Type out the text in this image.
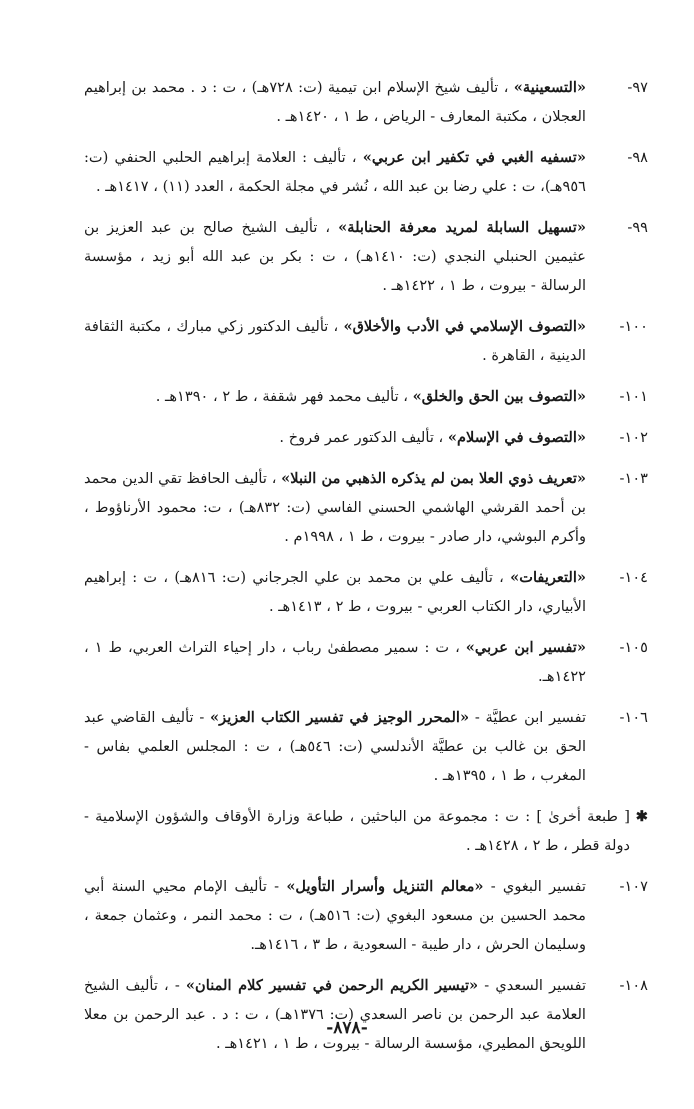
٩٧-
«التسعينية» ، تأليف شيخ الإسلام ابن تيمية (ت: ٧٢٨هـ) ، ت : د . محمد بن إبراهيم العجلان ، مكتبة المعارف - الرياض ، ط ١ ، ١٤٢٠هـ .
٩٨-
«تسفيه الغبي في تكفير ابن عربي» ، تأليف : العلامة إبراهيم الحلبي الحنفي (ت: ٩٥٦هـ)، ت : علي رضا بن عبد الله ، نُشر في مجلة الحكمة ، العدد (١١) ، ١٤١٧هـ .
٩٩-
«تسهيل السابلة لمريد معرفة الحنابلة» ، تأليف الشيخ صالح بن عبد العزيز بن عثيمين الحنبلي النجدي (ت: ١٤١٠هـ) ، ت : بكر بن عبد الله أبو زيد ، مؤسسة الرسالة - بيروت ، ط ١ ، ١٤٢٢هـ .
١٠٠-
«التصوف الإسلامي في الأدب والأخلاق» ، تأليف الدكتور زكي مبارك ، مكتبة الثقافة الدينية ، القاهرة .
١٠١-
«التصوف بين الحق والخلق» ، تأليف محمد فهر شقفة ، ط ٢ ، ١٣٩٠هـ .
١٠٢-
«التصوف في الإسلام» ، تأليف الدكتور عمر فروخ .
١٠٣-
«تعريف ذوي العلا بمن لم يذكره الذهبي من النبلا» ، تأليف الحافظ تقي الدين محمد بن أحمد القرشي الهاشمي الحسني الفاسي (ت: ٨٣٢هـ) ، ت: محمود الأرناؤوط ، وأكرم البوشي، دار صادر - بيروت ، ط ١ ، ١٩٩٨م .
١٠٤-
«التعريفات» ، تأليف علي بن محمد بن علي الجرجاني (ت: ٨١٦هـ) ، ت : إبراهيم الأبياري، دار الكتاب العربي - بيروت ، ط ٢ ، ١٤١٣هـ .
١٠٥-
«تفسير ابن عربي» ، ت : سمير مصطفىٰ رباب ، دار إحياء التراث العربي، ط ١ ، ١٤٢٢هـ.
١٠٦-
تفسير ابن عطيَّة - «المحرر الوجيز في تفسير الكتاب العزيز» - تأليف القاضي عبد الحق بن غالب بن عطيَّة الأندلسي (ت: ٥٤٦هـ) ، ت : المجلس العلمي بفاس - المغرب ، ط ١ ، ١٣٩٥هـ .
✱
[ طبعة أخرىٰ ] : ت : مجموعة من الباحثين ، طباعة وزارة الأوقاف والشؤون الإسلامية - دولة قطر ، ط ٢ ، ١٤٢٨هـ .
١٠٧-
تفسير البغوي - «معالم التنزيل وأسرار التأويل» - تأليف الإمام محيي السنة أبي محمد الحسين بن مسعود البغوي (ت: ٥١٦هـ) ، ت : محمد النمر ، وعثمان جمعة ، وسليمان الحرش ، دار طيبة - السعودية ، ط ٣ ، ١٤١٦هـ.
١٠٨-
تفسير السعدي - «تيسير الكريم الرحمن في تفسير كلام المنان» - ، تأليف الشيخ العلامة عبد الرحمن بن ناصر السعدي (ت: ١٣٧٦هـ) ، ت : د . عبد الرحمن بن معلا اللويحق المطيري، مؤسسة الرسالة - بيروت ، ط ١ ، ١٤٢١هـ .
-٨٧٨-
